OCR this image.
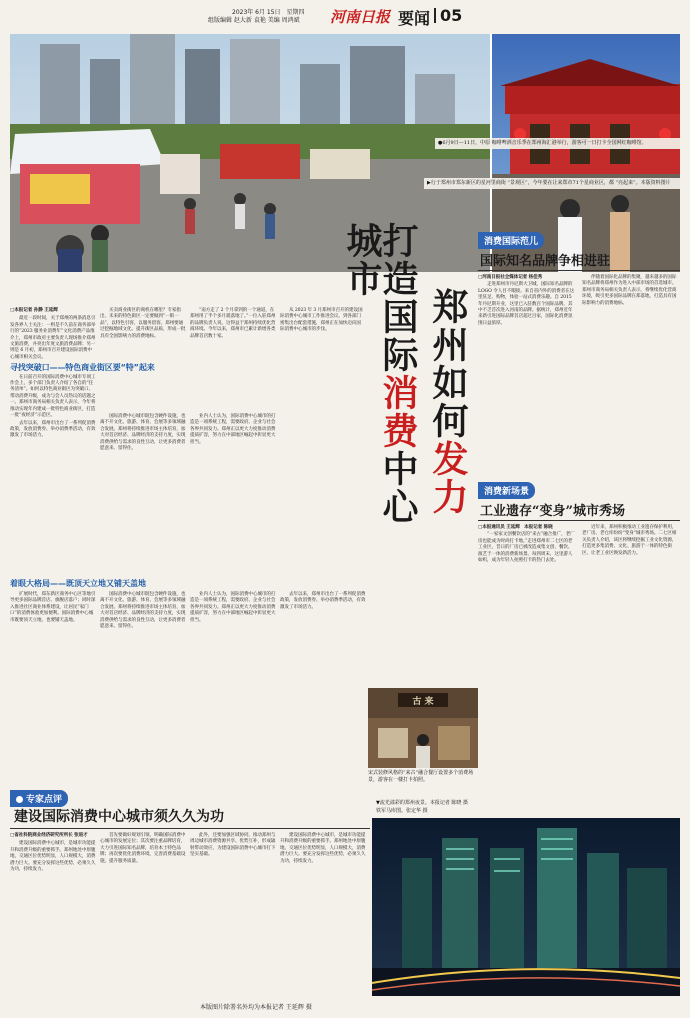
2023年 6月 15日　星期四
组版编辑 赵大新 袁艳 美编 周鸿斌	河南日报 要闻 05
●6月9日—11日，中原 咖啡啤酒音乐季在郑州海汇港举行，游客可一日打卡全国网红咖啡馆。
▶行于郑州市郑东新区的星河里商街 “景观区”，今年要在让来郑市71个星商业区，都 “亮起来”。本版资料图片
郑州如何发力
打造国际消费中心城市
□本报记者 孙静 王延辉

最近一段时间，关于郑州的两条消息引发各界人士关注：一则是不久前在商务部举行的“2023 服务业消费年”文化消费产品推介上，郑州市政府主要负责人现场推介郑州文旅消费，并亮出年度文旅消费品牌；另一则是 6 月初，郑州市召开建设国际消费中心城市相关会议。

寻找突破口——特色商业街区要“特”起来

在日前召开的国际消费中心城市专项工作会上，多个部门负责人介绍了各自的“任务清单”。如何以特色商业街区为突破口、带动消费升级，成为与会人员热议的话题之一。郑州市商务局相关负责人表示，今年将推动实现年内建成一批特色商业街区，打造一批“夜经济”示范区。

去年以来，郑州市出台了一系列促消费政策，发放消费券、举办消费季活动，有效激发了市场活力。

买卖商业街区的商机在哪里？专家指出，未来的特色街区一定要做到“一街一品”，以特色引客，以服务留客。郑州要通过挖掘地域文化、提升街区品质，形成一批具有全国影响力的消费地标。

国际消费中心城市既包含硬件设施，也离不开文化、旅游、体育、会展等多领域融合发展。郑州将持续推进市场主体培育，加大对首店经济、品牌经济的支持力度，实现消费供给与需求的良性互动，让更多消费者愿意来、留得住。

“南方走了 2 个月拿到的一个通道，在郑州用了半个多月就落地了。”一位入驻郑州的品牌负责人说，这得益于郑州持续优化营商环境。今年以来，郑州市已累计新增各类品牌首店数十家。

业内人士认为，国际消费中心城市的打造是一项系统工程，需要政府、企业与社会各界共同发力。郑州正以更大力度推动消费提质扩容，努力在中部地区崛起中彰显更大担当。

从 2023 年 3 月郑州市召开的建设国际消费中心城市工作推进会议，到各部门密集出台配套措施，郑州正在加快迈向国际消费中心城市的步伐。

着眼大格局——既顶天立地又铺天盖地

扩展时代，郑东新区商务中心区等地引导更多国际品牌首店、旗舰店落户；同时深入推进社区商业体系建设，让居民“家门口”的消费体验更加便利。国际消费中心城市既要顶天立地，也要铺天盖地。

国际消费中心城市既包含硬件设施，也离不开文化、旅游、体育、会展等多领域融合发展。郑州将持续推进市场主体培育，加大对首店经济、品牌经济的支持力度，实现消费供给与需求的良性互动，让更多消费者愿意来、留得住。

业内人士认为，国际消费中心城市的打造是一项系统工程，需要政府、企业与社会各界共同发力。郑州正以更大力度推动消费提质扩容，努力在中部地区崛起中彰显更大担当。

去年以来，郑州市出台了一系列促消费政策，发放消费券、举办消费季活动，有效激发了市场活力。

消费国际范儿
国际知名品牌争相进驻
□河南日报社全媒体记者 杨佳秀

走进郑州市丹尼斯大卫城，国际知名品牌的 LOGO 令人目不暇接。来自省内外的消费者在这里驻足、购物，体验一站式消费乐趣。自 2015 年丹尼斯开业，这里已入驻数百个国际品牌，其中不乏首次进入河南的品牌。据统计，郑州近年来新引进国际品牌首店超过百家，国际化消费氛围日益浓厚。

伴随着国际化品牌的集聚，越来越多的国际知名品牌将郑州作为进入中部市场的首选城市。郑州市商务局相关负责人表示，将继续优化营商环境，吸引更多国际品牌在郑落地，打造具有国际影响力的消费地标。

消费新场景
工业遗存“变身”城市秀场
□本报通讯员 王延辉　本报记者 陈晓

“一家家文创餐饮店的“来古”融合推广，老厂房也能成为时尚打卡地。”走进郑州市二七区的老工业区，昔日的厂房已被改造成集文创、餐饮、演艺于一体的消费新场景。每到周末，这里游人如织，成为年轻人拍照打卡的热门去处。

近年来，郑州积极推动工业遗存保护利用，老厂房、老仓库纷纷“变身”城市秀场。二七区相关负责人介绍，该区将继续挖掘工业文化资源，打造更多集消费、文化、旅游于一体的特色街区，让老工业区焕发新活力。

古 来
宋式装修风格的“来古”融合餐厅设置多个消费场景，游客在一楼打卡拍照。
专家点评
建设国际消费中心城市须久久为功
□省社科院商业经济研究所所长 张进才

建设国际消费中心城市，是城市功能提升和消费升级的重要抓手。郑州地处中原腹地，交通区位优势明显，人口规模大，消费潜力巨大。要充分发挥这些优势，必须久久为功，持续发力。

首先要做好规划引领，明确国际消费中心城市的发展定位；其次要注重品牌培育，大力引进国际知名品牌，培育本土特色品牌；再次要优化消费环境，完善消费基础设施，提升服务质量。

此外，还要加强区域协同，推动郑州与周边城市消费资源共享、优势互补，形成辐射带动效应，为建设国际消费中心城市打下坚实基础。

建设国际消费中心城市，是城市功能提升和消费升级的重要抓手。郑州地处中原腹地，交通区位优势明显，人口规模大，消费潜力巨大。要充分发挥这些优势，必须久久为功，持续发力。

▼流光溢彩的郑州夜景。本报记者 陈晓 摄
铁军马库图。张定华 摄
本版图片除署名外均为本报记者 王延辉 摄
